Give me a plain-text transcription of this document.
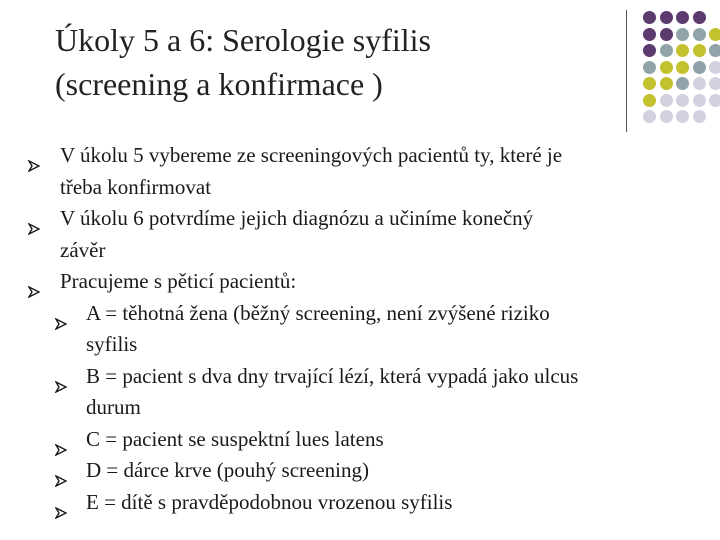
Úkoly 5 a 6: Serologie syfilis
(screening a konfirmace )
V úkolu 5 vybereme ze screeningových pacientů ty, které je
třeba konfirmovat
V úkolu 6 potvrdíme jejich diagnózu a učiníme konečný
závěr
Pracujeme s pěticí pacientů:
A = těhotná žena (běžný screening, není zvýšené riziko
syfilis
B = pacient s dva dny trvající lézí, která vypadá jako ulcus
durum
C = pacient se suspektní lues latens
D = dárce krve (pouhý screening)
E = dítě s pravděpodobnou vrozenou syfilis
